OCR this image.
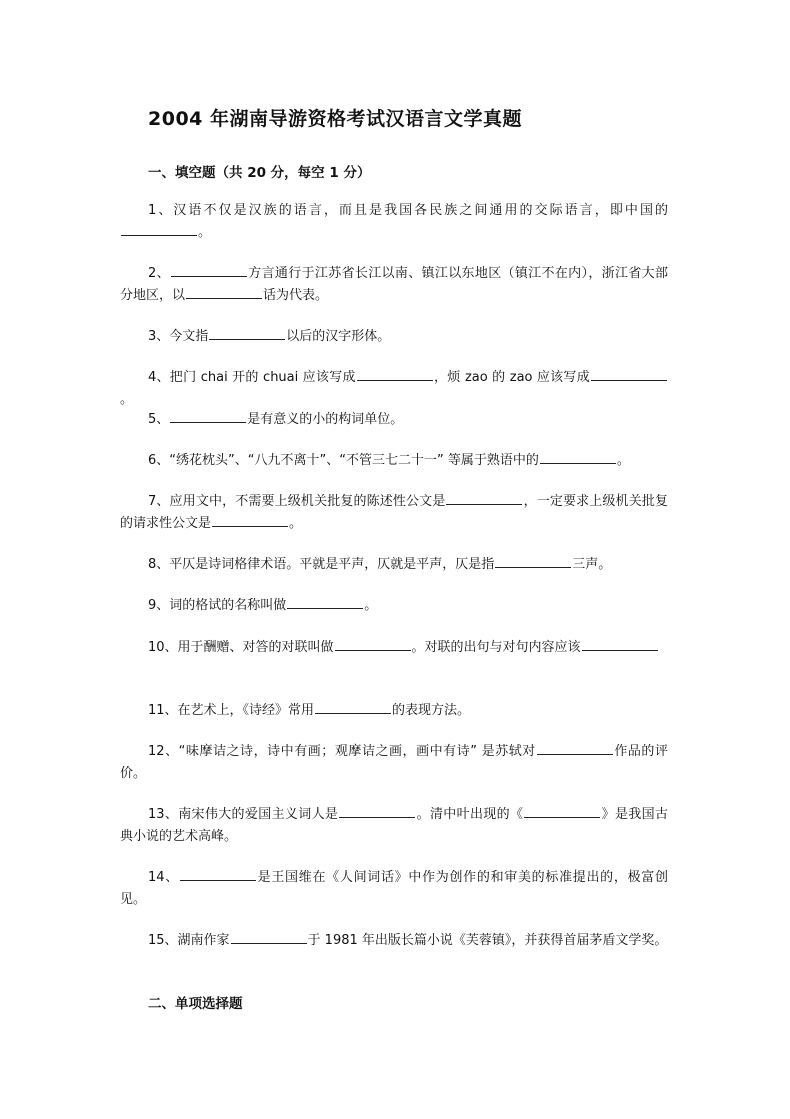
2004 年湖南导游资格考试汉语言文学真题
一、填空题（共 20 分，每空 1 分）
1、汉语不仅是汉族的语言，而且是我国各民族之间通用的交际语言，即中国的。
2、	方言通行于江苏省长江以南、镇江以东地区（镇江不在内），浙江省大部分地区，以	话为代表。
3、今文指	以后的汉字形体。
4、把门 chai 开的 chuai 应该写成	，烦 zao 的 zao 应该写成。
5、	是有意义的小的构词单位。
6、“绣花枕头”、“八九不离十”、“不管三七二十一” 等属于熟语中的	。
7、应用文中，不需要上级机关批复的陈述性公文是	，一定要求上级机关批复的请求性公文是	。
8、平仄是诗词格律术语。平就是平声，仄就是平声，仄是指	三声。
9、词的格试的名称叫做	。
10、用于酬赠、对答的对联叫做	。对联的出句与对句内容应该
11、在艺术上，《诗经》常用	的表现方法。
12、“味摩诘之诗，诗中有画；观摩诘之画，画中有诗” 是苏轼对	作品的评价。
13、南宋伟大的爱国主义词人是	。清中叶出现的《	》是我国古典小说的艺术高峰。
14、	是王国维在《人间词话》中作为创作的和审美的标准提出的，极富创见。
15、湖南作家	于 1981 年出版长篇小说《芙蓉镇》，并获得首届茅盾文学奖。
二、单项选择题
